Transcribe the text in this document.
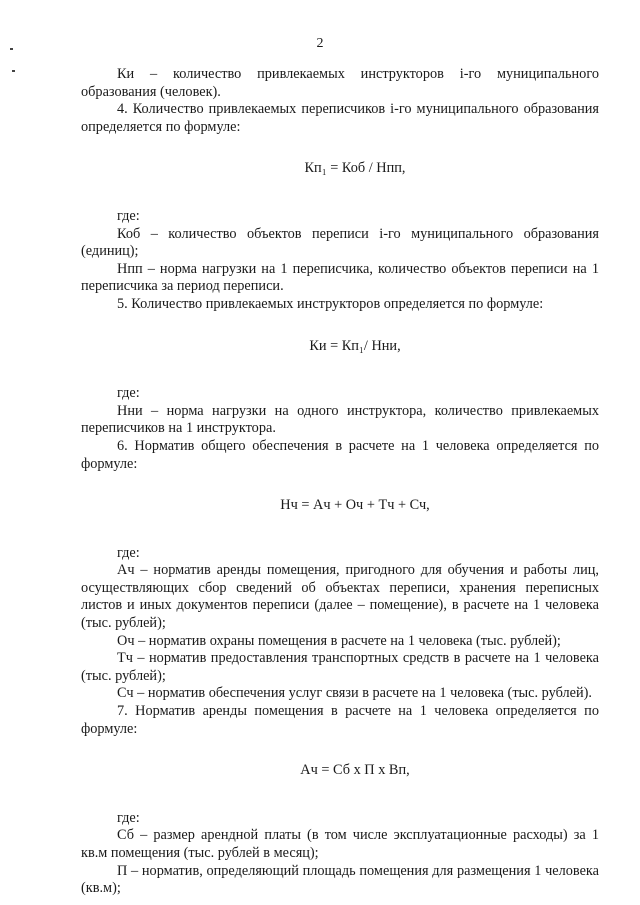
2

Ки – количество привлекаемых инструкторов i-го муниципального образования (человек).

4. Количество привлекаемых переписчиков i-го муниципального образования определяется по формуле:

Кп₁ = Коб / Нпп,

где:

Коб – количество объектов переписи i-го муниципального образования (единиц);

Нпп – норма нагрузки на 1 переписчика, количество объектов переписи на 1 переписчика за период переписи.

5. Количество привлекаемых инструкторов определяется по формуле:

Ки = Кп₁/ Нни,

где:

Нни – норма нагрузки на одного инструктора, количество привлекаемых переписчиков на 1 инструктора.

6. Норматив общего обеспечения в расчете на 1 человека определяется по формуле:

Нч = Ач + Оч + Тч + Сч,

где:

Ач – норматив аренды помещения, пригодного для обучения и работы лиц, осуществляющих сбор сведений об объектах переписи, хранения переписных листов и иных документов переписи (далее – помещение), в расчете на 1 человека (тыс. рублей);

Оч – норматив охраны помещения в расчете на 1 человека (тыс. рублей);

Тч – норматив предоставления транспортных средств в расчете на 1 человека (тыс. рублей);

Сч – норматив обеспечения услуг связи в расчете на 1 человека (тыс. рублей).

7. Норматив аренды помещения в расчете на 1 человека определяется по формуле:

Ач = Сб х П х Вп,

где:

Сб – размер арендной платы (в том числе эксплуатационные расходы) за 1 кв.м помещения (тыс. рублей в месяц);

П – норматив, определяющий площадь помещения для размещения 1 человека (кв.м);
